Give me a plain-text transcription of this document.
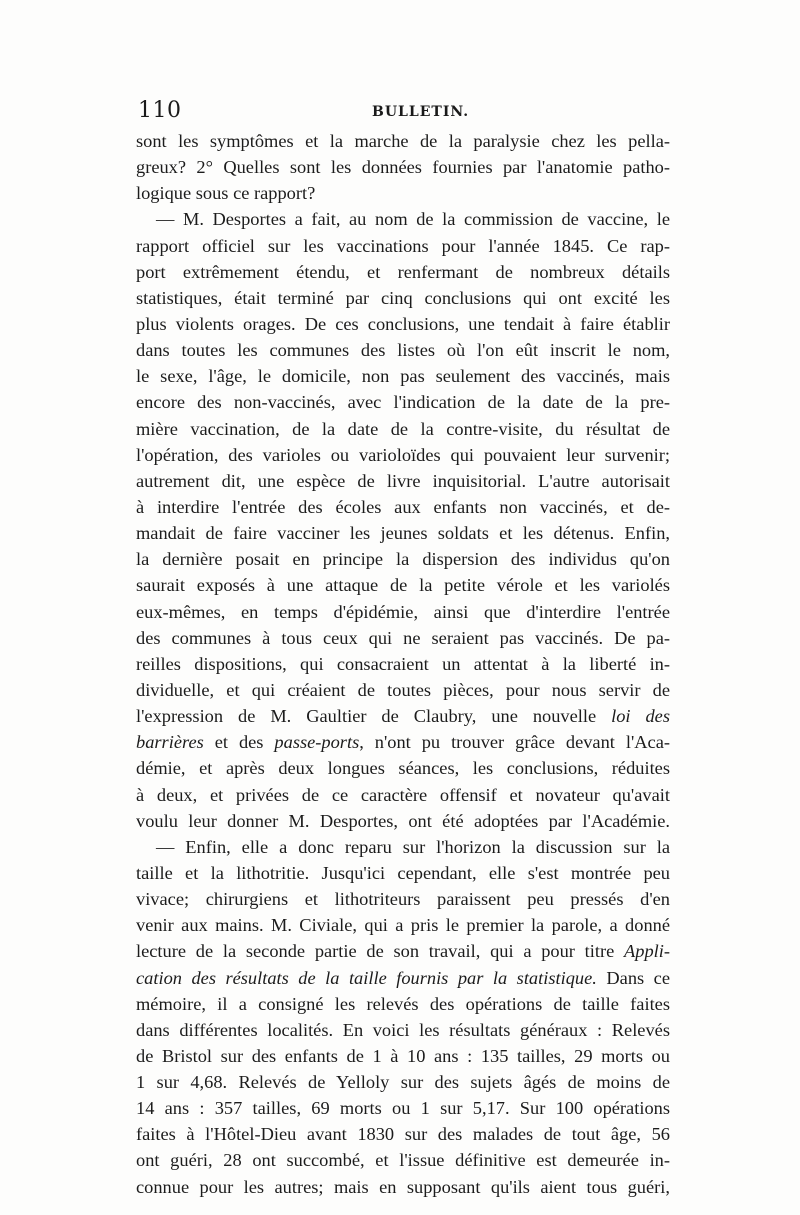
110	BULLETIN.
sont les symptômes et la marche de la paralysie chez les pella-
greux? 2° Quelles sont les données fournies par l'anatomie patho-
logique sous ce rapport?
— M. Desportes a fait, au nom de la commission de vaccine, le
rapport officiel sur les vaccinations pour l'année 1845. Ce rap-
port extrêmement étendu, et renfermant de nombreux détails
statistiques, était terminé par cinq conclusions qui ont excité les
plus violents orages. De ces conclusions, une tendait à faire établir
dans toutes les communes des listes où l'on eût inscrit le nom,
le sexe, l'âge, le domicile, non pas seulement des vaccinés, mais
encore des non-vaccinés, avec l'indication de la date de la pre-
mière vaccination, de la date de la contre-visite, du résultat de
l'opération, des varioles ou varioloïdes qui pouvaient leur survenir;
autrement dit, une espèce de livre inquisitorial. L'autre autorisait
à interdire l'entrée des écoles aux enfants non vaccinés, et de-
mandait de faire vacciner les jeunes soldats et les détenus. Enfin,
la dernière posait en principe la dispersion des individus qu'on
saurait exposés à une attaque de la petite vérole et les variolés
eux-mêmes, en temps d'épidémie, ainsi que d'interdire l'entrée
des communes à tous ceux qui ne seraient pas vaccinés. De pa-
reilles dispositions, qui consacraient un attentat à la liberté in-
dividuelle, et qui créaient de toutes pièces, pour nous servir de
l'expression de M. Gaultier de Claubry, une nouvelle loi des
barrières et des passe-ports, n'ont pu trouver grâce devant l'Aca-
démie, et après deux longues séances, les conclusions, réduites
à deux, et privées de ce caractère offensif et novateur qu'avait
voulu leur donner M. Desportes, ont été adoptées par l'Académie.
— Enfin, elle a donc reparu sur l'horizon la discussion sur la
taille et la lithotritie. Jusqu'ici cependant, elle s'est montrée peu
vivace; chirurgiens et lithotriteurs paraissent peu pressés d'en
venir aux mains. M. Civiale, qui a pris le premier la parole, a donné
lecture de la seconde partie de son travail, qui a pour titre Appli-
cation des résultats de la taille fournis par la statistique. Dans ce
mémoire, il a consigné les relevés des opérations de taille faites
dans différentes localités. En voici les résultats généraux : Relevés
de Bristol sur des enfants de 1 à 10 ans : 135 tailles, 29 morts ou
1 sur 4,68. Relevés de Yelloly sur des sujets âgés de moins de
14 ans : 357 tailles, 69 morts ou 1 sur 5,17. Sur 100 opérations
faites à l'Hôtel-Dieu avant 1830 sur des malades de tout âge, 56
ont guéri, 28 ont succombé, et l'issue définitive est demeurée in-
connue pour les autres; mais en supposant qu'ils aient tous guéri,
